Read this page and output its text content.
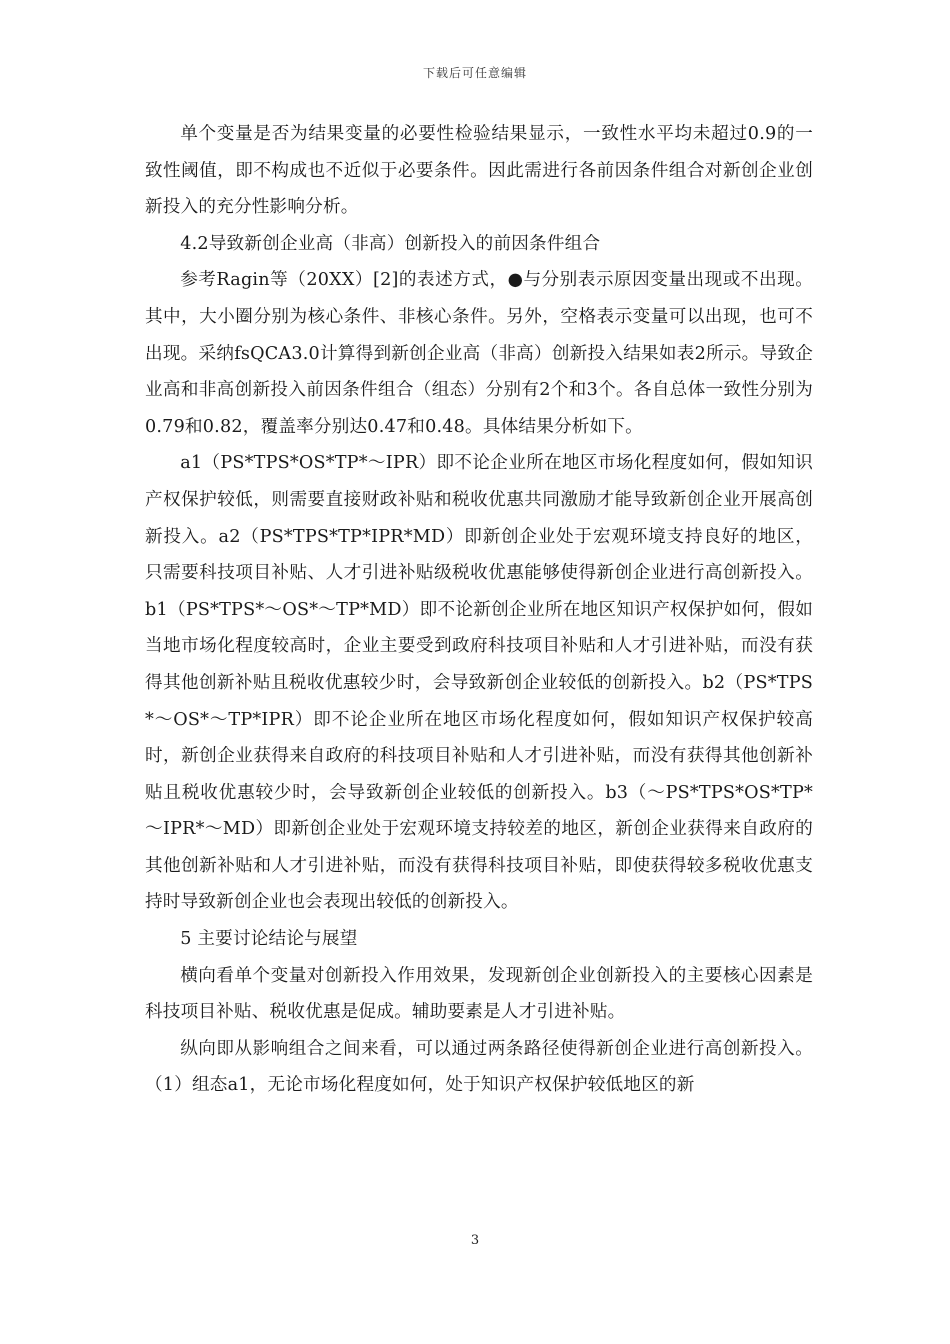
下载后可任意编辑

单个变量是否为结果变量的必要性检验结果显示，一致性水平均未超过0.9的一致性阈值，即不构成也不近似于必要条件。因此需进行各前因条件组合对新创企业创新投入的充分性影响分析。

4.2导致新创企业高（非高）创新投入的前因条件组合

参考Ragin等（20XX）[2]的表述方式，●与分别表示原因变量出现或不出现。其中，大小圈分别为核心条件、非核心条件。另外，空格表示变量可以出现，也可不出现。采纳fsQCA3.0计算得到新创企业高（非高）创新投入结果如表2所示。导致企业高和非高创新投入前因条件组合（组态）分别有2个和3个。各自总体一致性分别为0.79和0.82，覆盖率分别达0.47和0.48。具体结果分析如下。

a1（PS*TPS*OS*TP*～IPR）即不论企业所在地区市场化程度如何，假如知识产权保护较低，则需要直接财政补贴和税收优惠共同激励才能导致新创企业开展高创新投入。a2（PS*TPS*TP*IPR*MD）即新创企业处于宏观环境支持良好的地区，只需要科技项目补贴、人才引进补贴级税收优惠能够使得新创企业进行高创新投入。b1（PS*TPS*～OS*～TP*MD）即不论新创企业所在地区知识产权保护如何，假如当地市场化程度较高时，企业主要受到政府科技项目补贴和人才引进补贴，而没有获得其他创新补贴且税收优惠较少时，会导致新创企业较低的创新投入。b2（PS*TPS*～OS*～TP*IPR）即不论企业所在地区市场化程度如何，假如知识产权保护较高时，新创企业获得来自政府的科技项目补贴和人才引进补贴，而没有获得其他创新补贴且税收优惠较少时，会导致新创企业较低的创新投入。b3（～PS*TPS*OS*TP*～IPR*～MD）即新创企业处于宏观环境支持较差的地区，新创企业获得来自政府的其他创新补贴和人才引进补贴，而没有获得科技项目补贴，即使获得较多税收优惠支持时导致新创企业也会表现出较低的创新投入。

5 主要讨论结论与展望

横向看单个变量对创新投入作用效果，发现新创企业创新投入的主要核心因素是科技项目补贴、税收优惠是促成。辅助要素是人才引进补贴。

纵向即从影响组合之间来看，可以通过两条路径使得新创企业进行高创新投入。（1）组态a1，无论市场化程度如何，处于知识产权保护较低地区的新

3
